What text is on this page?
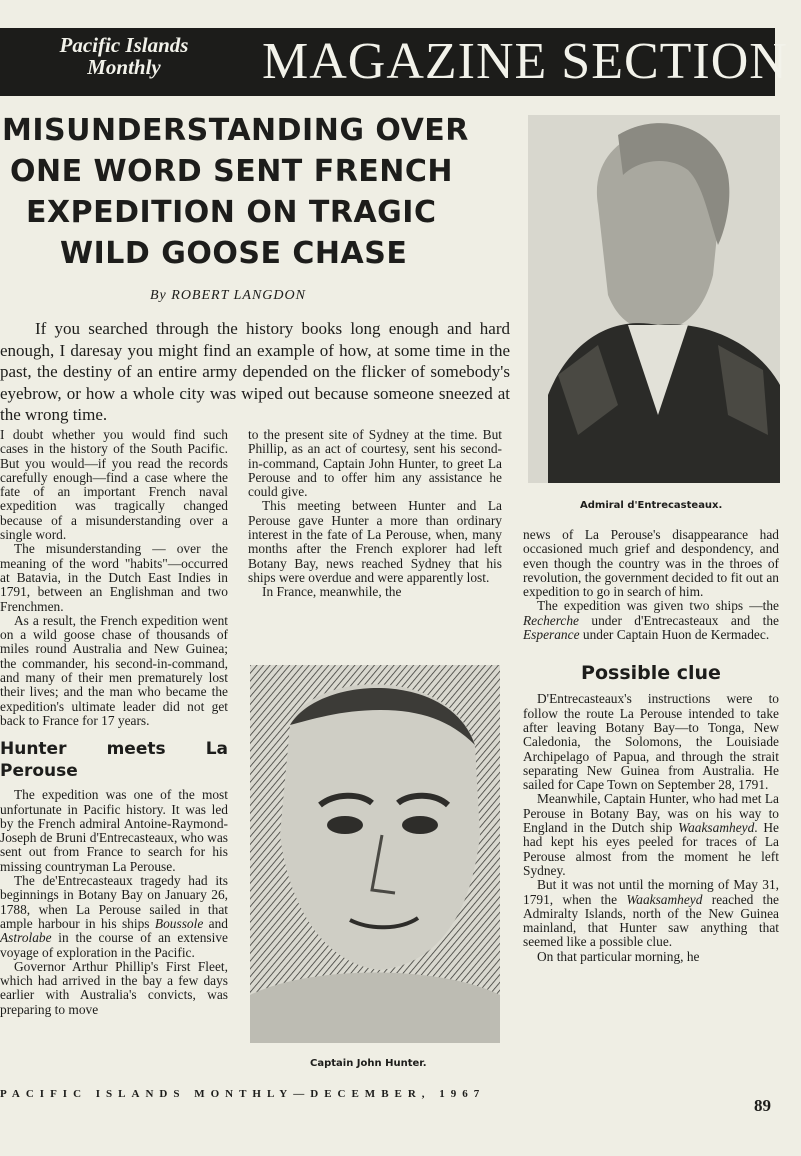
Pacific Islands
Monthly	MAGAZINE SECTION
MISUNDERSTANDING OVER
ONE WORD SENT FRENCH
EXPEDITION ON TRAGIC
WILD GOOSE CHASE
By ROBERT LANGDON

If you searched through the history books long enough and hard enough, I daresay you might find an example of how, at some time in the past, the destiny of an entire army depended on the flicker of somebody's eyebrow, or how a whole city was wiped out because someone sneezed at the wrong time.

I doubt whether you would find such cases in the history of the South Pacific. But you would—if you read the records carefully enough—find a case where the fate of an important French naval expedition was tragically changed because of a misunderstanding over a single word.

The misunderstanding — over the meaning of the word "habits"—occurred at Batavia, in the Dutch East Indies in 1791, between an Englishman and two Frenchmen.

As a result, the French expedition went on a wild goose chase of thousands of miles round Australia and New Guinea; the commander, his second-in-command, and many of their men prematurely lost their lives; and the man who became the expedition's ultimate leader did not get back to France for 17 years.

Hunter meets La Perouse

The expedition was one of the most unfortunate in Pacific history. It was led by the French admiral Antoine-Raymond-Joseph de Bruni d'Entrecasteaux, who was sent out from France to search for his missing countryman La Perouse.

The de'Entrecasteaux tragedy had its beginnings in Botany Bay on January 26, 1788, when La Perouse sailed in that ample harbour in his ships Boussole and Astrolabe in the course of an extensive voyage of exploration in the Pacific.

Governor Arthur Phillip's First Fleet, which had arrived in the bay a few days earlier with Australia's convicts, was preparing to move

to the present site of Sydney at the time. But Phillip, as an act of courtesy, sent his second-in-command, Captain John Hunter, to greet La Perouse and to offer him any assistance he could give.

This meeting between Hunter and La Perouse gave Hunter a more than ordinary interest in the fate of La Perouse, when, many months after the French explorer had left Botany Bay, news reached Sydney that his ships were overdue and were apparently lost.

In France, meanwhile, the

Admiral d'Entrecasteaux.
Captain John Hunter.

news of La Perouse's disappearance had occasioned much grief and despondency, and even though the country was in the throes of revolution, the government decided to fit out an expedition to go in search of him.

The expedition was given two ships —the Recherche under d'Entrecasteaux and the Esperance under Captain Huon de Kermadec.

Possible clue

D'Entrecasteaux's instructions were to follow the route La Perouse intended to take after leaving Botany Bay—to Tonga, New Caledonia, the Solomons, the Louisiade Archipelago of Papua, and through the strait separating New Guinea from Australia. He sailed for Cape Town on September 28, 1791.

Meanwhile, Captain Hunter, who had met La Perouse in Botany Bay, was on his way to England in the Dutch ship Waaksamheyd. He had kept his eyes peeled for traces of La Perouse almost from the moment he left Sydney.

But it was not until the morning of May 31, 1791, when the Waaksamheyd reached the Admiralty Islands, north of the New Guinea mainland, that Hunter saw anything that seemed like a possible clue.

On that particular morning, he

PACIFIC ISLANDS MONTHLY—DECEMBER, 1967
89
